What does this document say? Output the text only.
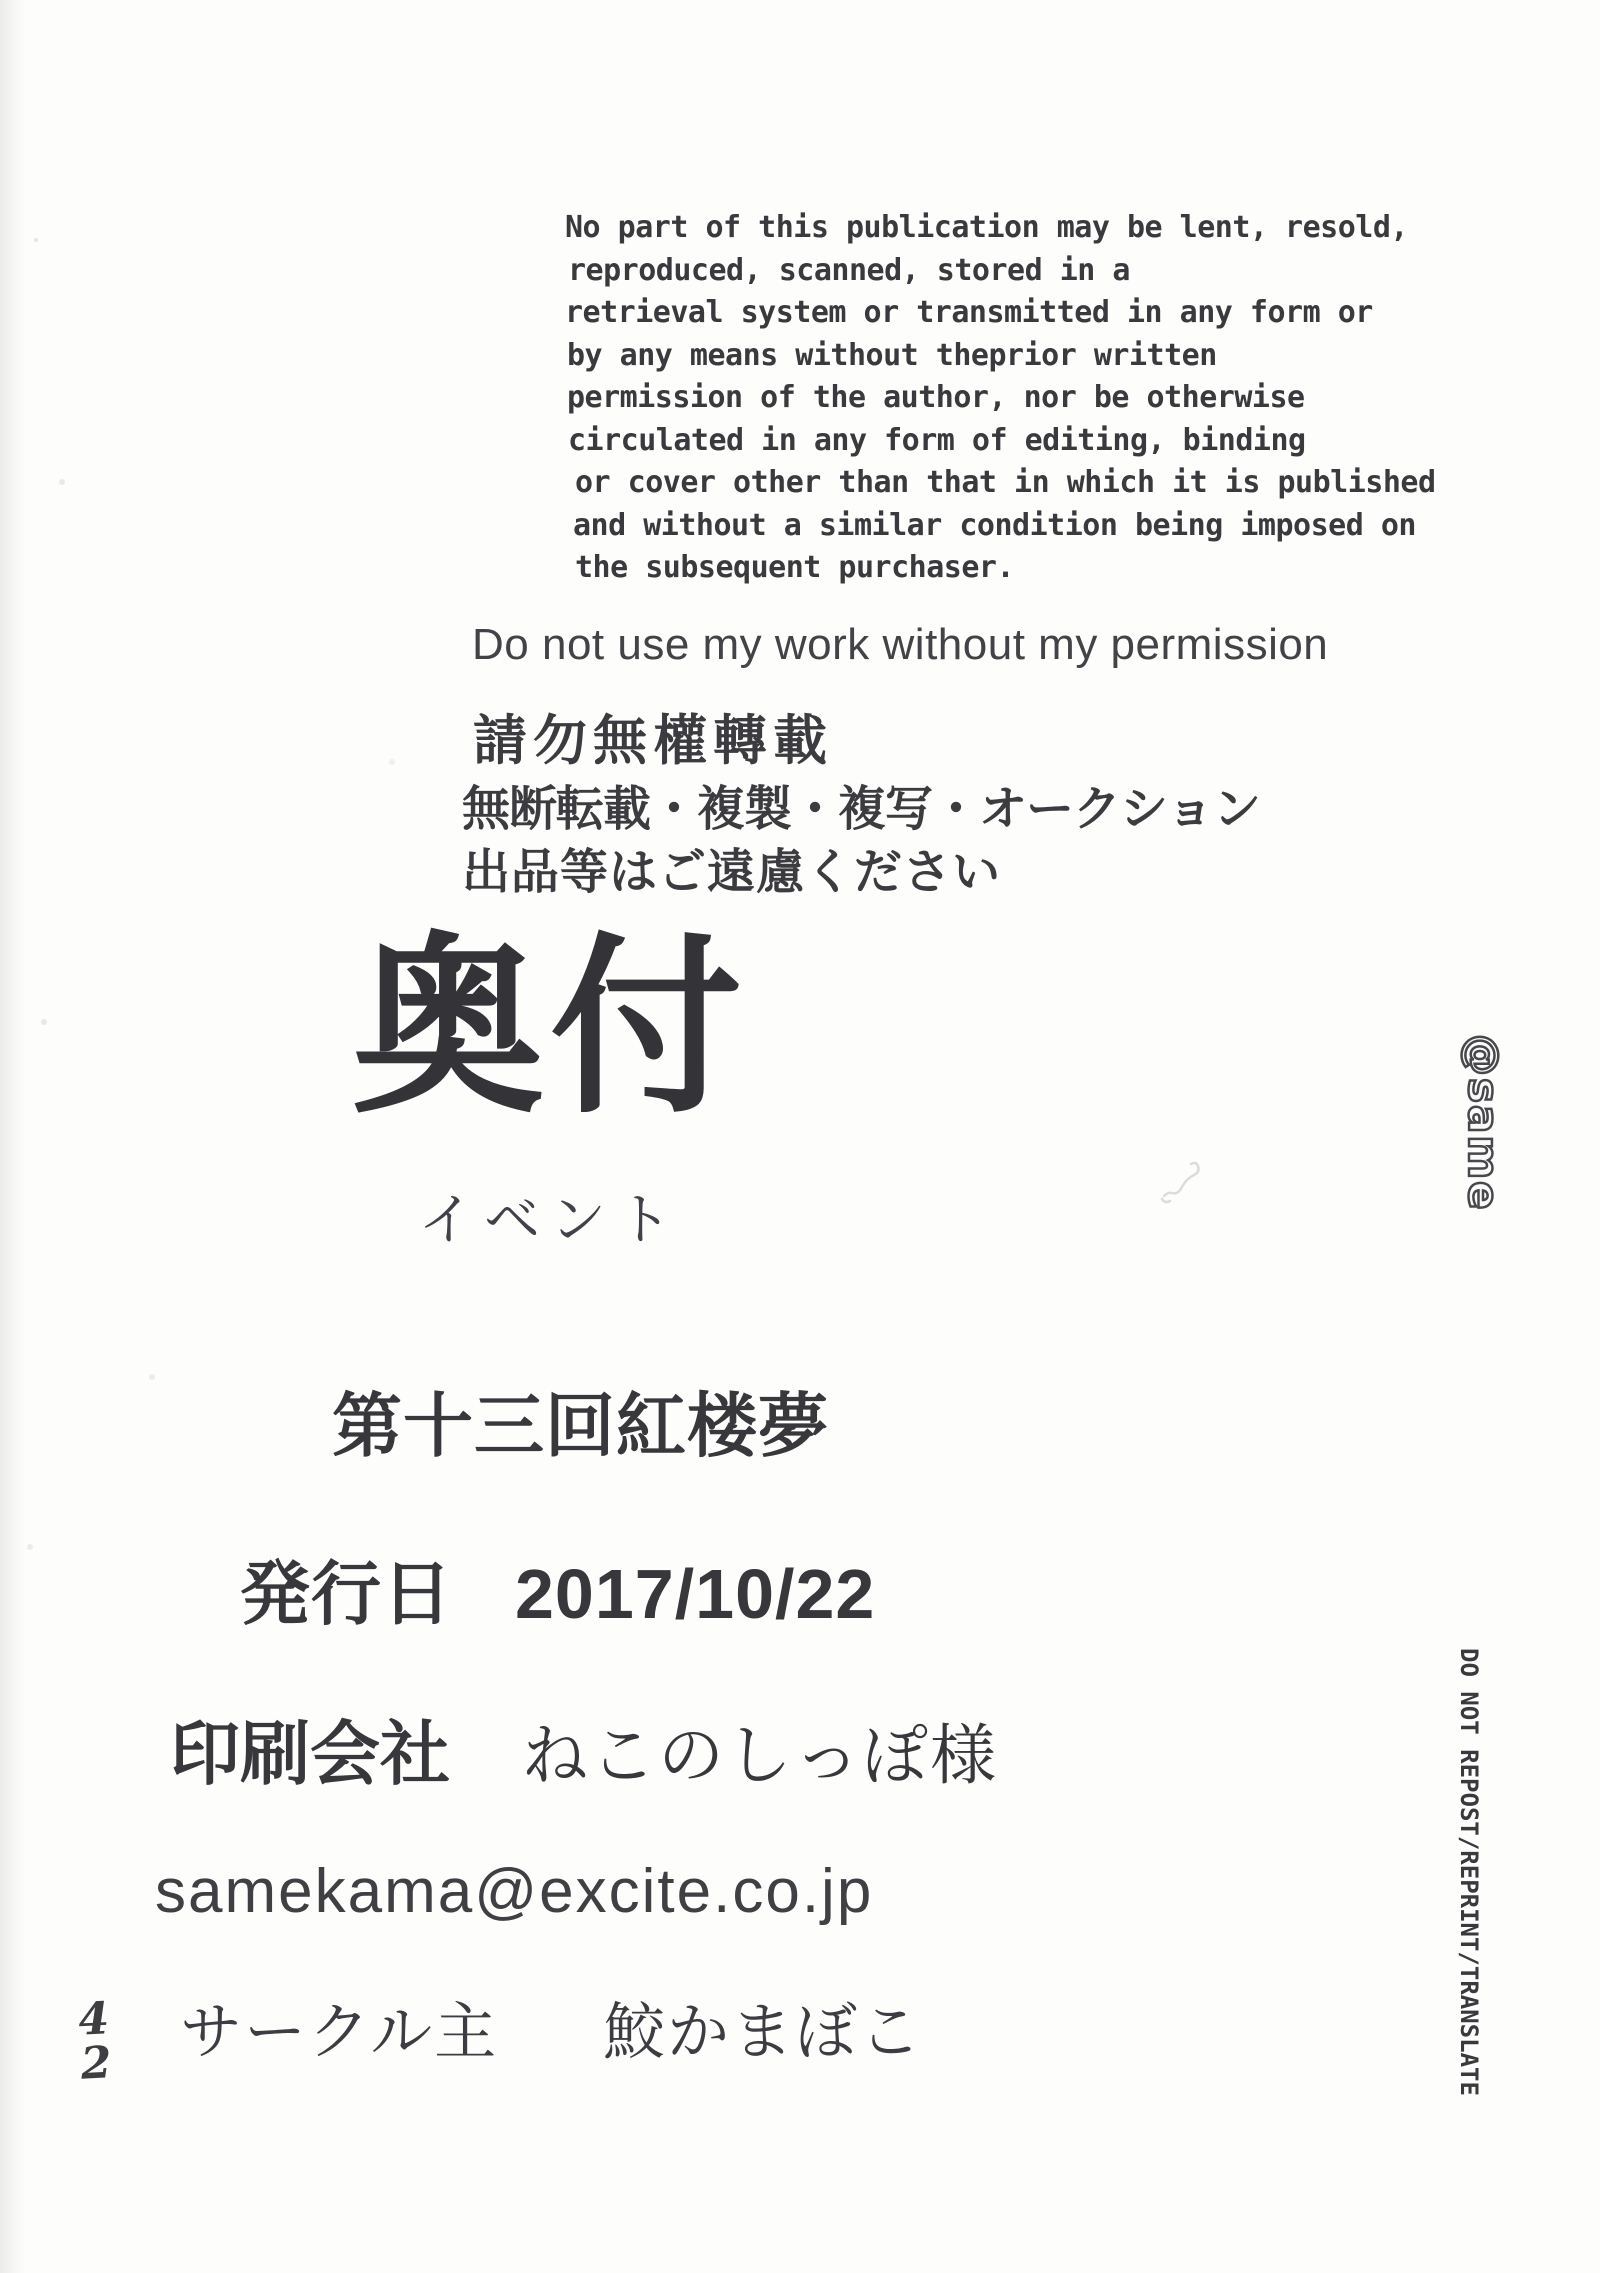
No part of this publication may be lent, resold,
reproduced, scanned, stored in a
retrieval system or transmitted in any form or
by any means without theprior written
permission of the author, nor be otherwise
circulated in any form of editing, binding
or cover other than that in which it is published
and without a similar condition being imposed on
the subsequent purchaser.
Do not use my work without my permission
請勿無權轉載
無断転載・複製・複写・オークション
出品等はご遠慮ください
奥付
イベント
第十三回紅楼夢
発行日 2017/10/22
印刷会社 ねこのしっぽ様
samekama@excite.co.jp
サークル主 鮫かまぼこ
4
2
@same
DO NOT REPOST/REPRINT/TRANSLATE
